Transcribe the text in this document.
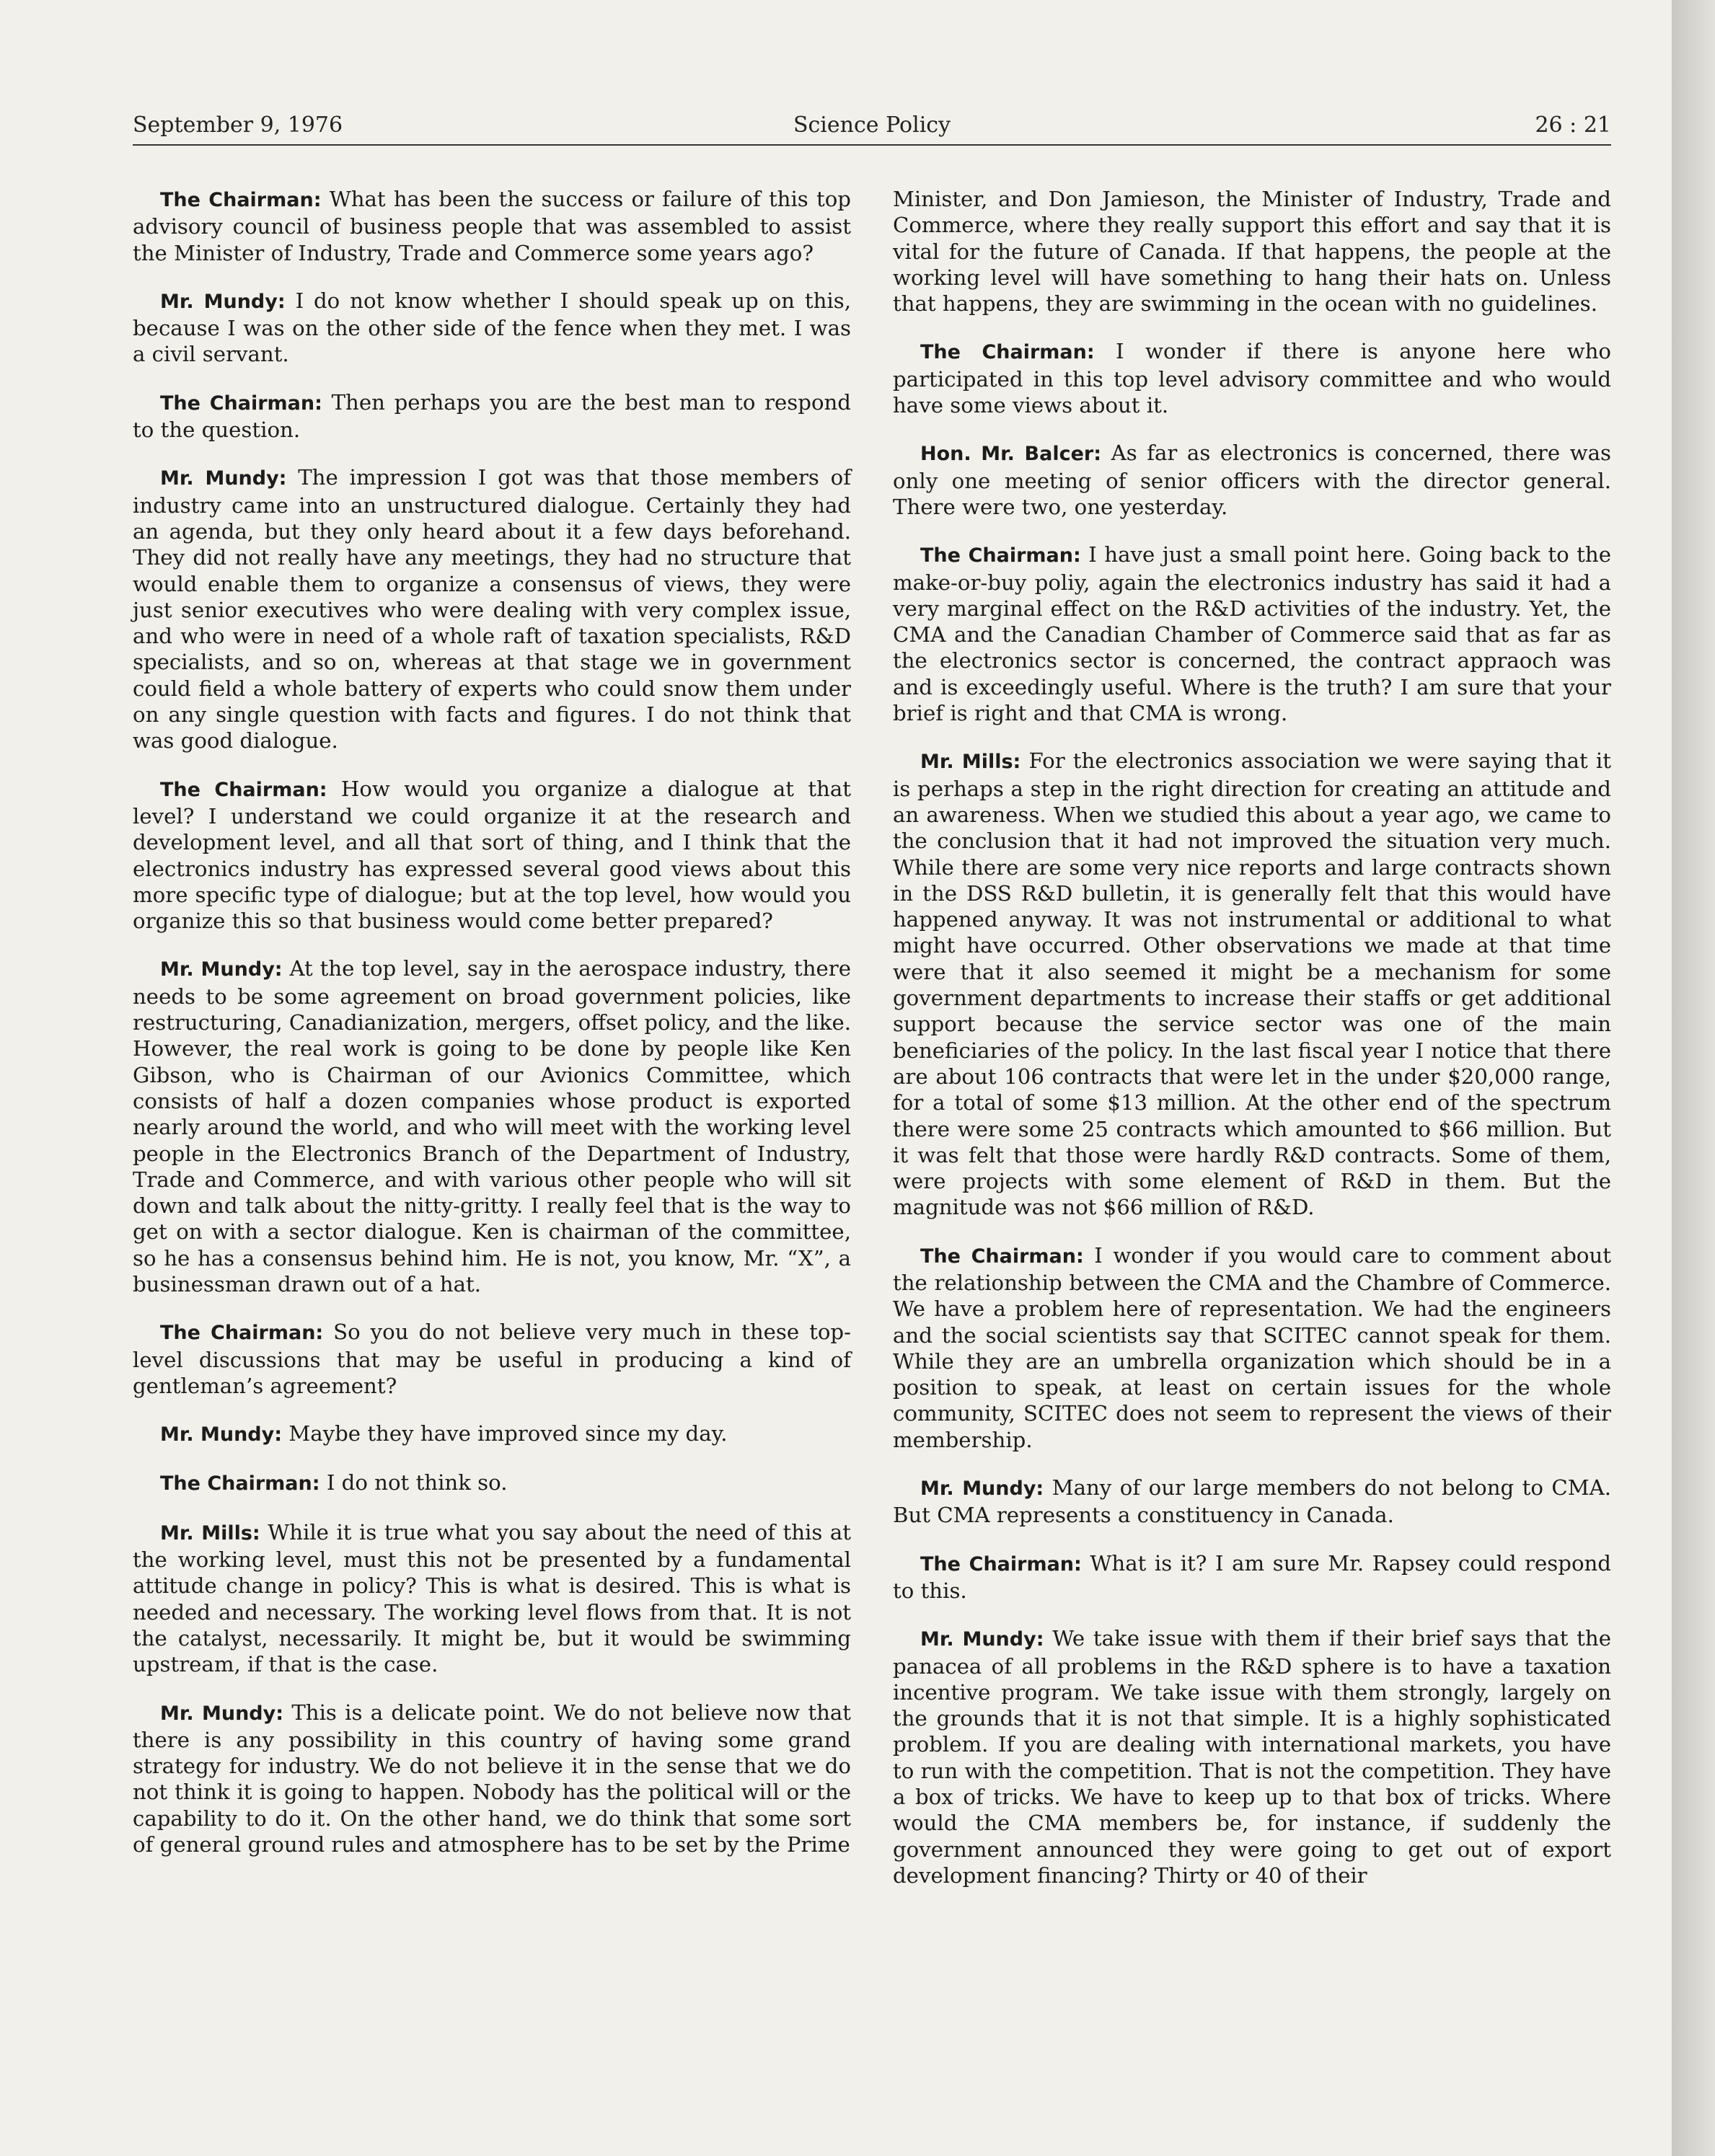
September 9, 1976	Science Policy	26 : 21

The Chairman: What has been the success or failure of this top advisory council of business people that was assembled to assist the Minister of Industry, Trade and Commerce some years ago?

Mr. Mundy: I do not know whether I should speak up on this, because I was on the other side of the fence when they met. I was a civil servant.

The Chairman: Then perhaps you are the best man to respond to the question.

Mr. Mundy: The impression I got was that those members of industry came into an unstructured dialogue. Certainly they had an agenda, but they only heard about it a few days beforehand. They did not really have any meetings, they had no structure that would enable them to organize a consensus of views, they were just senior executives who were dealing with very complex issue, and who were in need of a whole raft of taxation specialists, R&D specialists, and so on, whereas at that stage we in government could field a whole battery of experts who could snow them under on any single question with facts and figures. I do not think that was good dialogue.

The Chairman: How would you organize a dialogue at that level? I understand we could organize it at the research and development level, and all that sort of thing, and I think that the electronics industry has expressed several good views about this more specific type of dialogue; but at the top level, how would you organize this so that business would come better prepared?

Mr. Mundy: At the top level, say in the aerospace industry, there needs to be some agreement on broad government policies, like restructuring, Canadianization, mergers, offset policy, and the like. However, the real work is going to be done by people like Ken Gibson, who is Chairman of our Avionics Committee, which consists of half a dozen companies whose product is exported nearly around the world, and who will meet with the working level people in the Electronics Branch of the Department of Industry, Trade and Commerce, and with various other people who will sit down and talk about the nitty-gritty. I really feel that is the way to get on with a sector dialogue. Ken is chairman of the committee, so he has a consensus behind him. He is not, you know, Mr. “X”, a businessman drawn out of a hat.

The Chairman: So you do not believe very much in these top-level discussions that may be useful in producing a kind of gentleman’s agreement?

Mr. Mundy: Maybe they have improved since my day.

The Chairman: I do not think so.

Mr. Mills: While it is true what you say about the need of this at the working level, must this not be presented by a fundamental attitude change in policy? This is what is desired. This is what is needed and necessary. The working level flows from that. It is not the catalyst, necessarily. It might be, but it would be swimming upstream, if that is the case.

Mr. Mundy: This is a delicate point. We do not believe now that there is any possibility in this country of having some grand strategy for industry. We do not believe it in the sense that we do not think it is going to happen. Nobody has the political will or the capability to do it. On the other hand, we do think that some sort of general ground rules and atmosphere has to be set by the Prime

Minister, and Don Jamieson, the Minister of Industry, Trade and Commerce, where they really support this effort and say that it is vital for the future of Canada. If that happens, the people at the working level will have something to hang their hats on. Unless that happens, they are swimming in the ocean with no guidelines.

The Chairman: I wonder if there is anyone here who participated in this top level advisory committee and who would have some views about it.

Hon. Mr. Balcer: As far as electronics is concerned, there was only one meeting of senior officers with the director general. There were two, one yesterday.

The Chairman: I have just a small point here. Going back to the make-or-buy poliy, again the electronics industry has said it had a very marginal effect on the R&D activities of the industry. Yet, the CMA and the Canadian Chamber of Commerce said that as far as the electronics sector is concerned, the contract appraoch was and is exceedingly useful. Where is the truth? I am sure that your brief is right and that CMA is wrong.

Mr. Mills: For the electronics association we were saying that it is perhaps a step in the right direction for creating an attitude and an awareness. When we studied this about a year ago, we came to the conclusion that it had not improved the situation very much. While there are some very nice reports and large contracts shown in the DSS R&D bulletin, it is generally felt that this would have happened anyway. It was not instrumental or additional to what might have occurred. Other observations we made at that time were that it also seemed it might be a mechanism for some government departments to increase their staffs or get additional support because the service sector was one of the main beneficiaries of the policy. In the last fiscal year I notice that there are about 106 contracts that were let in the under $20,000 range, for a total of some $13 million. At the other end of the spectrum there were some 25 contracts which amounted to $66 million. But it was felt that those were hardly R&D contracts. Some of them, were projects with some element of R&D in them. But the magnitude was not $66 million of R&D.

The Chairman: I wonder if you would care to comment about the relationship between the CMA and the Chambre of Commerce. We have a problem here of representation. We had the engineers and the social scientists say that SCITEC cannot speak for them. While they are an umbrella organization which should be in a position to speak, at least on certain issues for the whole community, SCITEC does not seem to represent the views of their membership.

Mr. Mundy: Many of our large members do not belong to CMA. But CMA represents a constituency in Canada.

The Chairman: What is it? I am sure Mr. Rapsey could respond to this.

Mr. Mundy: We take issue with them if their brief says that the panacea of all problems in the R&D sphere is to have a taxation incentive program. We take issue with them strongly, largely on the grounds that it is not that simple. It is a highly sophisticated problem. If you are dealing with international markets, you have to run with the competition. That is not the competition. They have a box of tricks. We have to keep up to that box of tricks. Where would the CMA members be, for instance, if suddenly the government announced they were going to get out of export development financing? Thirty or 40 of their
